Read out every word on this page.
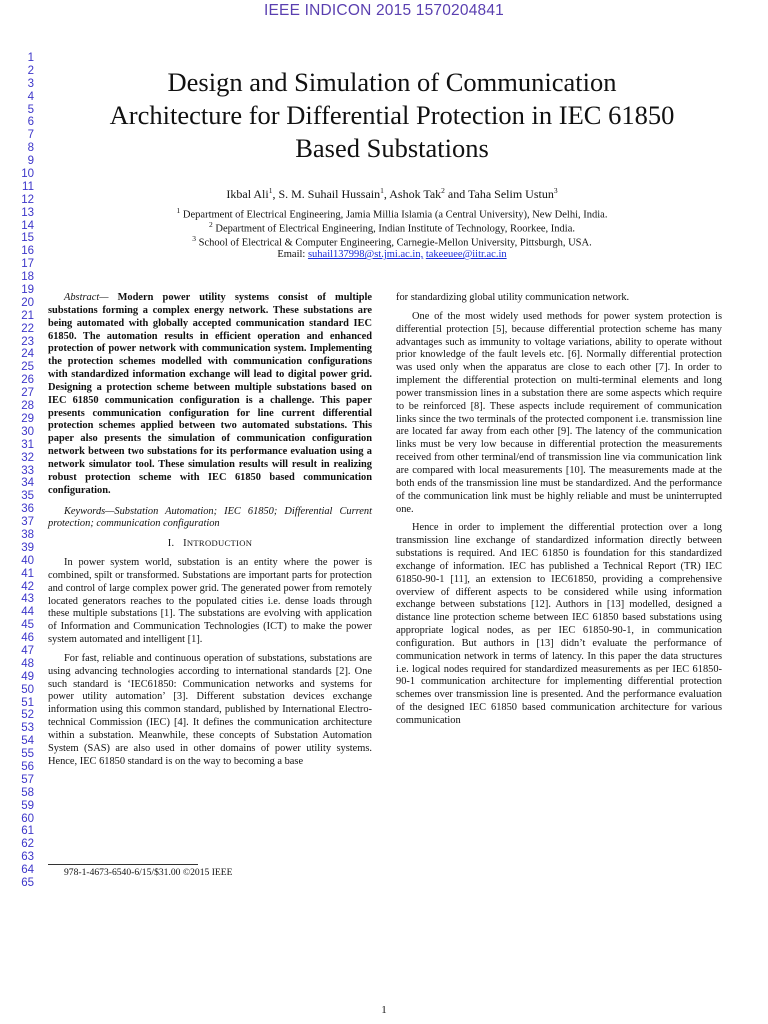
IEEE INDICON 2015 1570204841
1
2
3
4
5
6
7
8
9
10
11
12
13
14
15
16
17
18
19
20
21
22
23
24
25
26
27
28
29
30
31
32
33
34
35
36
37
38
39
40
41
42
43
44
45
46
47
48
49
50
51
52
53
54
55
56
57
58
59
60
61
62
63
64
65
Design and Simulation of Communication
Architecture for Differential Protection in IEC 61850
Based Substations
Ikbal Ali$^1$, S. M. Suhail Hussain$^1$, Ashok Tak$^2$ and Taha Selim Ustun$^3$
$^1$ Department of Electrical Engineering, Jamia Millia Islamia (a Central University), New Delhi, India.
$^2$ Department of Electrical Engineering, Indian Institute of Technology, Roorkee, India.
$^3$ School of Electrical & Computer Engineering, Carnegie-Mellon University, Pittsburgh, USA.
Email: suhail137998@st.jmi.ac.in, takeeuee@iitr.ac.in

Abstract— Modern power utility systems consist of multiple substations forming a complex energy network. These substations are being automated with globally accepted communication standard IEC 61850. The automation results in efficient operation and enhanced protection of power network with communication system. Implementing the protection schemes modelled with communication configurations with standardized information exchange will lead to digital power grid. Designing a protection scheme between multiple substations based on IEC 61850 communication configuration is a challenge. This paper presents communication configuration for line current differential protection schemes applied between two automated substations. This paper also presents the simulation of communication configuration network between two substations for its performance evaluation using a network simulator tool. These simulation results will result in realizing robust protection scheme with IEC 61850 based communication configuration.

Keywords—Substation Automation; IEC 61850; Differential Current protection; communication configuration

I. INTRODUCTION

In power system world, substation is an entity where the power is combined, spilt or transformed. Substations are important parts for protection and control of large complex power grid. The generated power from remotely located generators reaches to the populated cities i.e. dense loads through these multiple substations [1]. The substations are evolving with application of Information and Communication Technologies (ICT) to make the power system automated and intelligent [1].

For fast, reliable and continuous operation of substations, substations are using advancing technologies according to international standards [2]. One such standard is ‘IEC61850: Communication networks and systems for power utility automation’ [3]. Different substation devices exchange information using this common standard, published by International Electro-technical Commission (IEC) [4]. It defines the communication architecture within a substation. Meanwhile, these concepts of Substation Automation System (SAS) are also used in other domains of power utility systems. Hence, IEC 61850 standard is on the way to becoming a base

for standardizing global utility communication network.

One of the most widely used methods for power system protection is differential protection [5], because differential protection scheme has many advantages such as immunity to voltage variations, ability to operate without prior knowledge of the fault levels etc. [6]. Normally differential protection was used only when the apparatus are close to each other [7]. In order to implement the differential protection on multi-terminal elements and long power transmission lines in a substation there are some aspects which require to be reinforced [8]. These aspects include requirement of communication links since the two terminals of the protected component i.e. transmission line are located far away from each other [9]. The latency of the communication links must be very low because in differential protection the measurements received from other terminal/end of transmission line via communication link are compared with local measurements [10]. The measurements made at the both ends of the transmission line must be standardized. And the performance of the communication link must be highly reliable and must be uninterrupted one.

Hence in order to implement the differential protection over a long transmission line exchange of standardized information directly between substations is required. And IEC 61850 is foundation for this standardized exchange of information. IEC has published a Technical Report (TR) IEC 61850-90-1 [11], an extension to IEC61850, providing a comprehensive overview of different aspects to be considered while using information exchange between substations [12]. Authors in [13] modelled, designed a distance line protection scheme between IEC 61850 based substations using appropriate logical nodes, as per IEC 61850-90-1, in communication configuration. But authors in [13] didn’t evaluate the performance of communication network in terms of latency. In this paper the data structures i.e. logical nodes required for standardized measurements as per IEC 61850-90-1 communication architecture for implementing differential protection schemes over transmission line is presented. And the performance evaluation of the designed IEC 61850 based communication architecture for various communication

978-1-4673-6540-6/15/$31.00 ©2015 IEEE
1
